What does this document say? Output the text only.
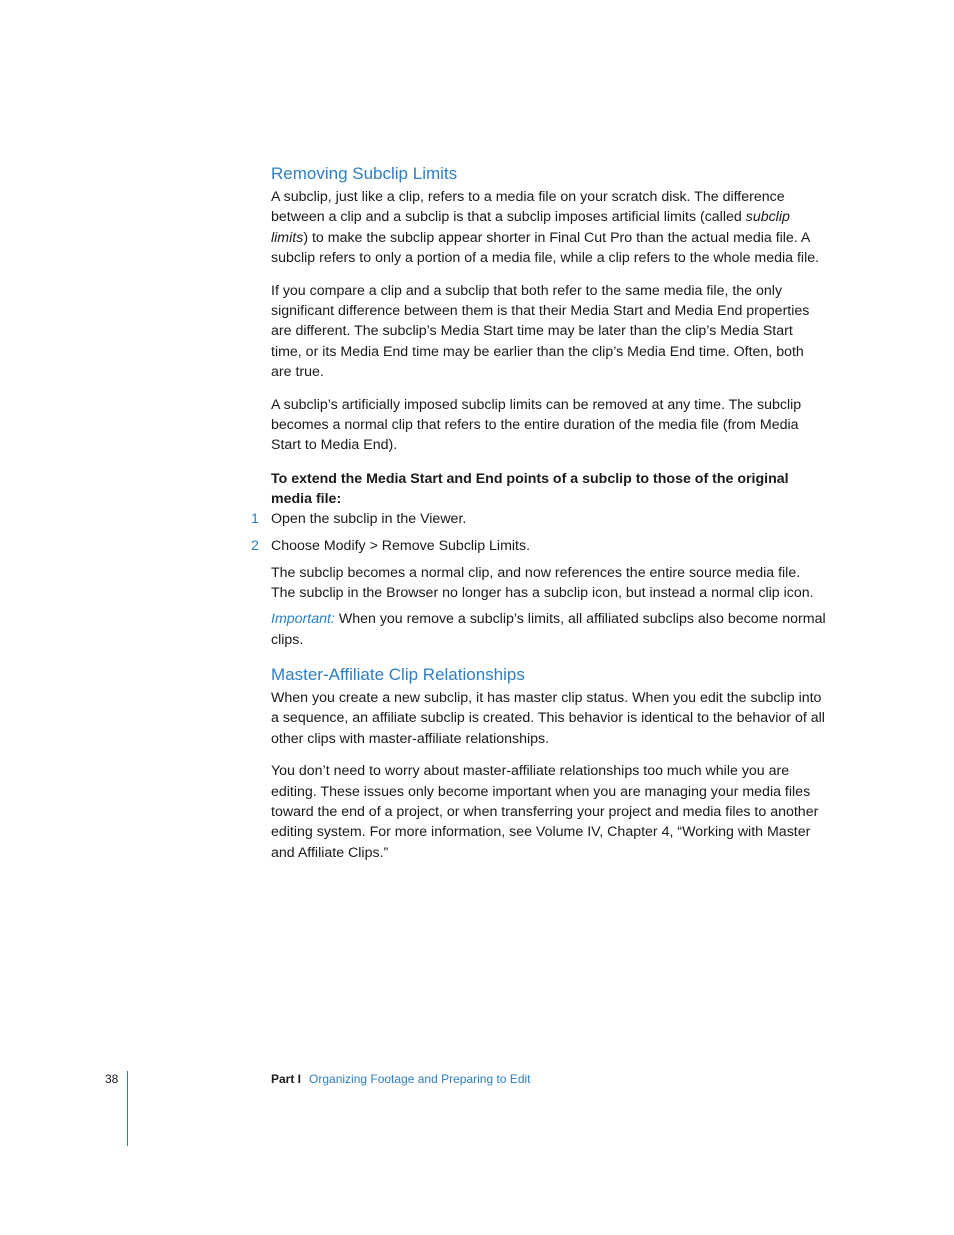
Removing Subclip Limits

A subclip, just like a clip, refers to a media file on your scratch disk. The difference between a clip and a subclip is that a subclip imposes artificial limits (called subclip limits) to make the subclip appear shorter in Final Cut Pro than the actual media file. A subclip refers to only a portion of a media file, while a clip refers to the whole media file.

If you compare a clip and a subclip that both refer to the same media file, the only significant difference between them is that their Media Start and Media End properties are different. The subclip’s Media Start time may be later than the clip’s Media Start time, or its Media End time may be earlier than the clip’s Media End time. Often, both are true.

A subclip’s artificially imposed subclip limits can be removed at any time. The subclip becomes a normal clip that refers to the entire duration of the media file (from Media Start to Media End).

To extend the Media Start and End points of a subclip to those of the original media file:

1 Open the subclip in the Viewer.

2 Choose Modify > Remove Subclip Limits.

The subclip becomes a normal clip, and now references the entire source media file. The subclip in the Browser no longer has a subclip icon, but instead a normal clip icon.

Important: When you remove a subclip’s limits, all affiliated subclips also become normal clips.

Master-Affiliate Clip Relationships

When you create a new subclip, it has master clip status. When you edit the subclip into a sequence, an affiliate subclip is created. This behavior is identical to the behavior of all other clips with master-affiliate relationships.

You don’t need to worry about master-affiliate relationships too much while you are editing. These issues only become important when you are managing your media files toward the end of a project, or when transferring your project and media files to another editing system. For more information, see Volume IV, Chapter 4, “Working with Master and Affiliate Clips.”

38	Part I Organizing Footage and Preparing to Edit
